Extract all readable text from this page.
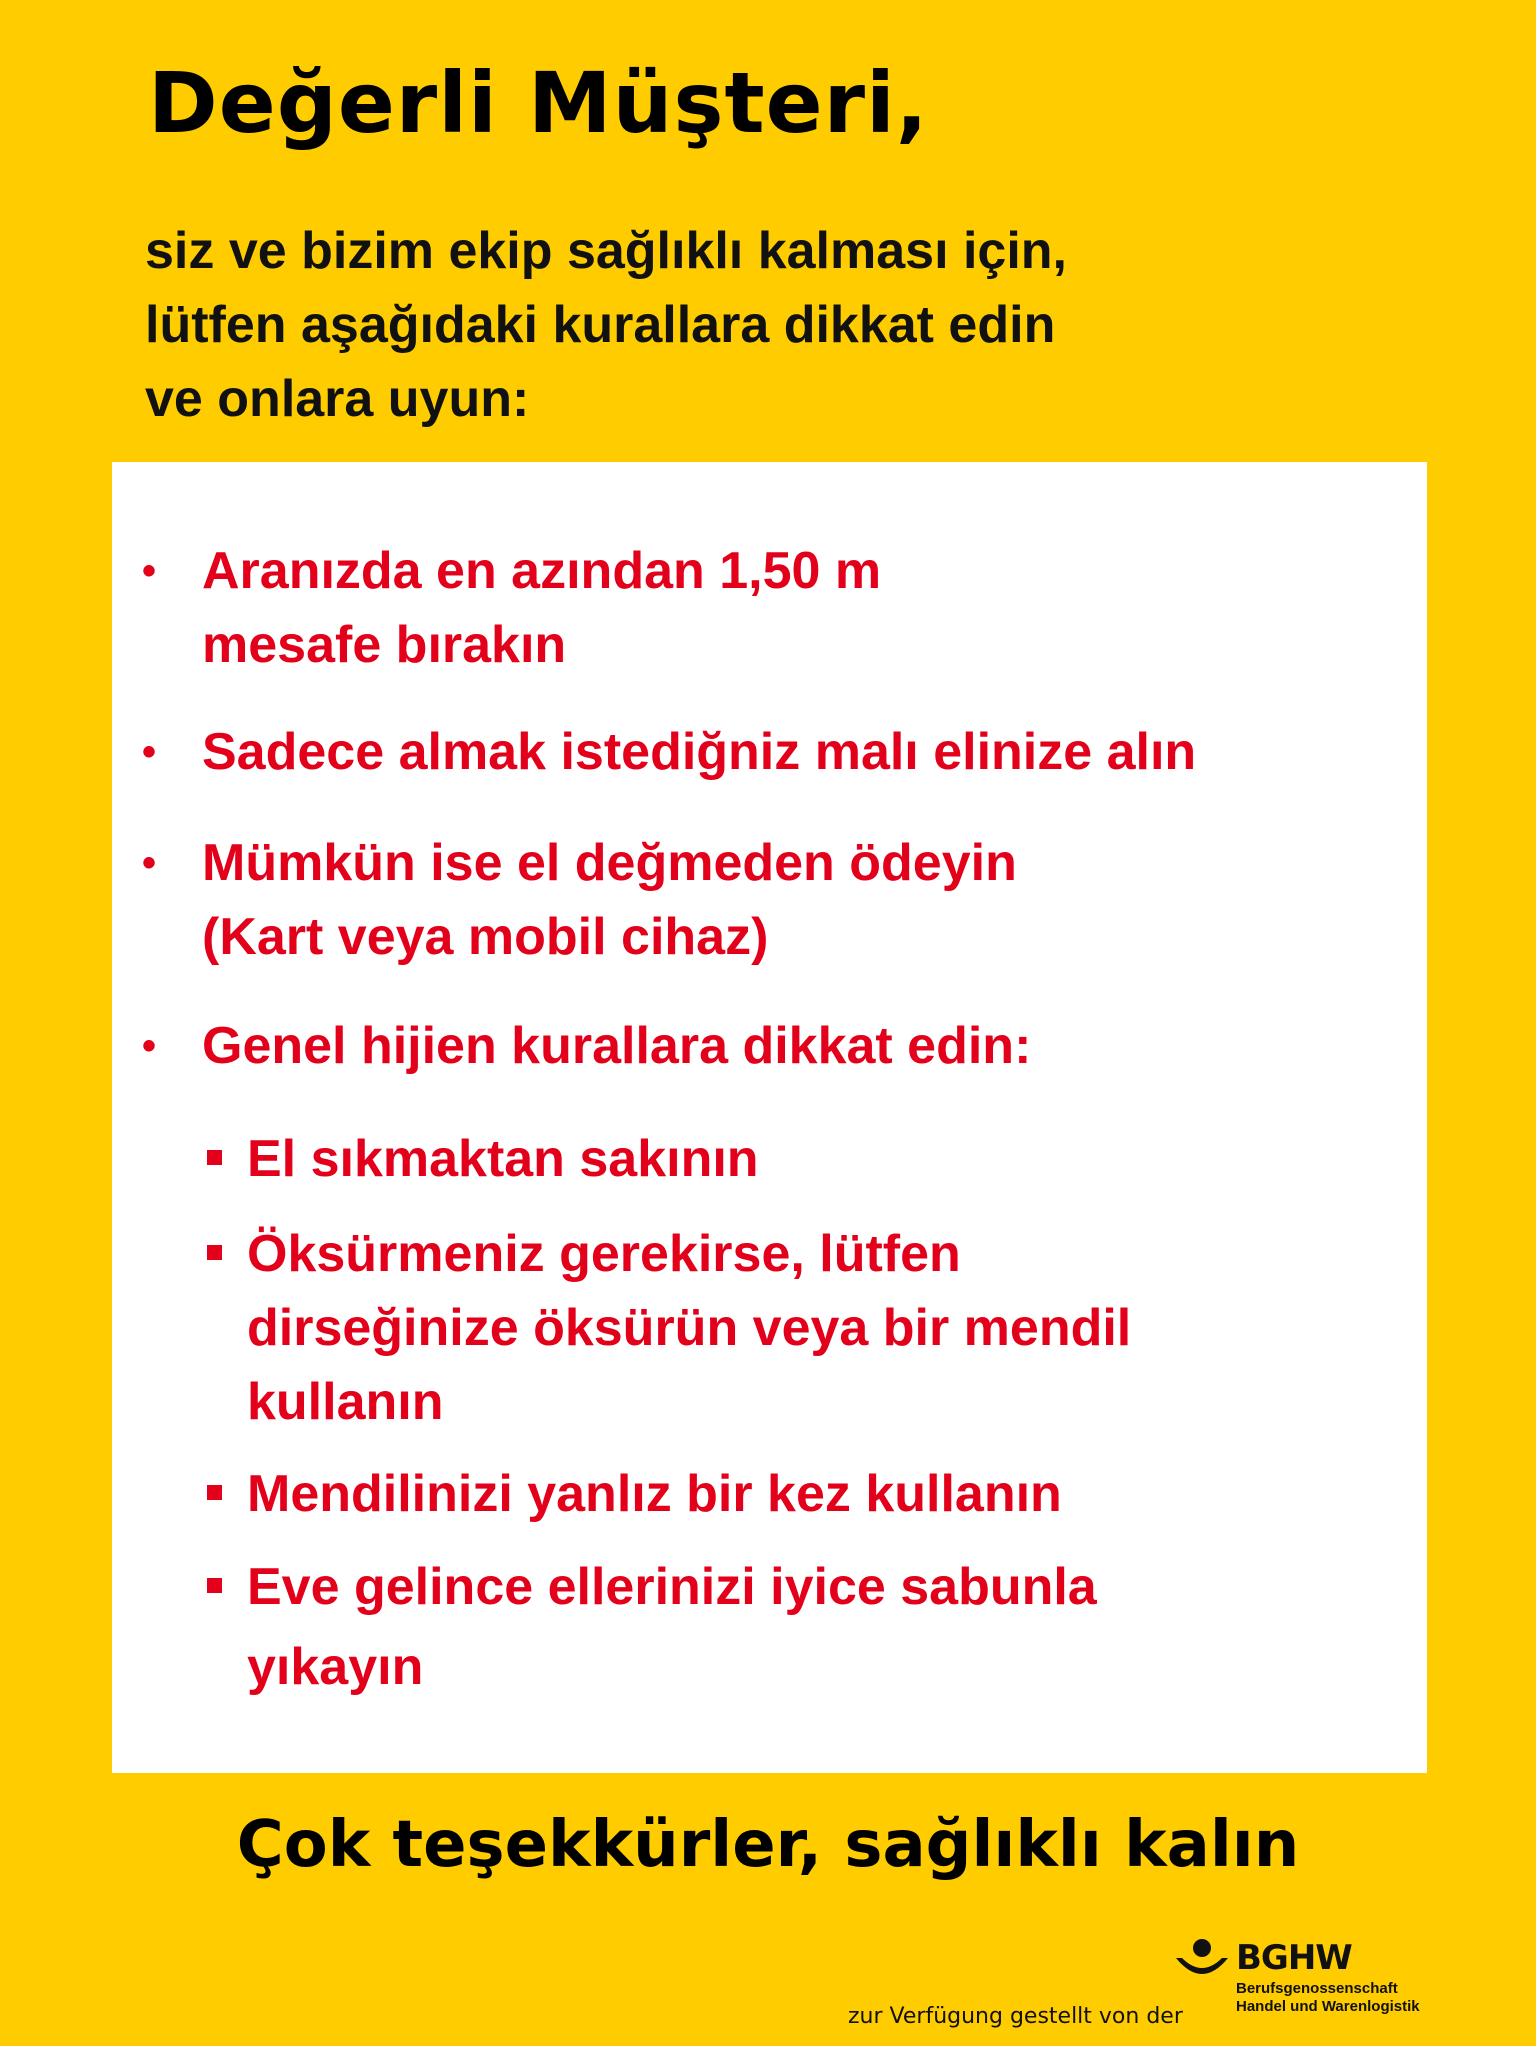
Değerli Müşteri,
siz ve bizim ekip sağlıklı kalması için,
lütfen aşağıdaki kurallara dikkat edin
ve onlara uyun:
• Aranızda en azından 1,50 m
mesafe bırakın
• Sadece almak istediğniz malı elinize alın
• Mümkün ise el değmeden ödeyin
(Kart veya mobil cihaz)
• Genel hijien kurallara dikkat edin:
El sıkmaktan sakının
Öksürmeniz gerekirse, lütfen
dirseğinize öksürün veya bir mendil
kullanın
Mendilinizi yanlız bir kez kullanın
Eve gelince ellerinizi iyice sabunla
yıkayın

Çok teşekkürler, sağlıklı kalın

zur Verfügung gestellt von der
BGHW
Berufsgenossenschaft
Handel und Warenlogistik
